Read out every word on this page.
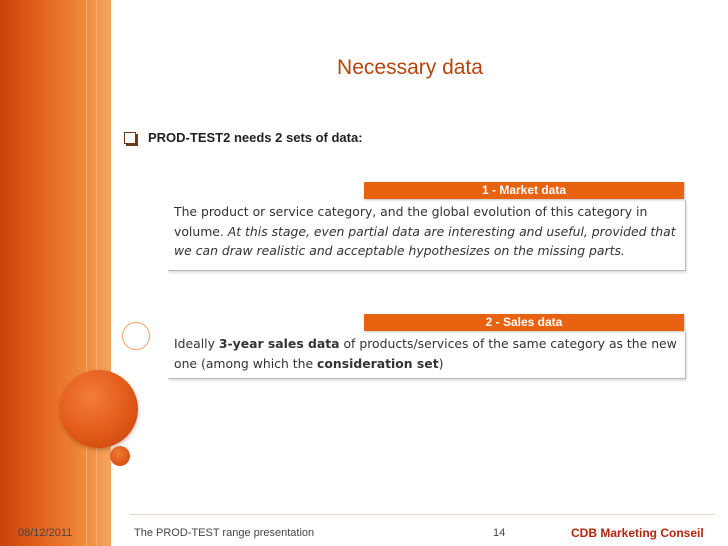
Necessary data
PROD-TEST2 needs 2 sets of data:
1 - Market data
The product or service category, and the global evolution of this category in volume. At this stage, even partial data are interesting and useful, provided that we can draw realistic and acceptable hypothesizes on the missing parts.
2 - Sales data
Ideally 3-year sales data of products/services of the same category as the new one (among which the consideration set)
08/12/2011	The PROD-TEST range presentation	14	CDB Marketing Conseil
